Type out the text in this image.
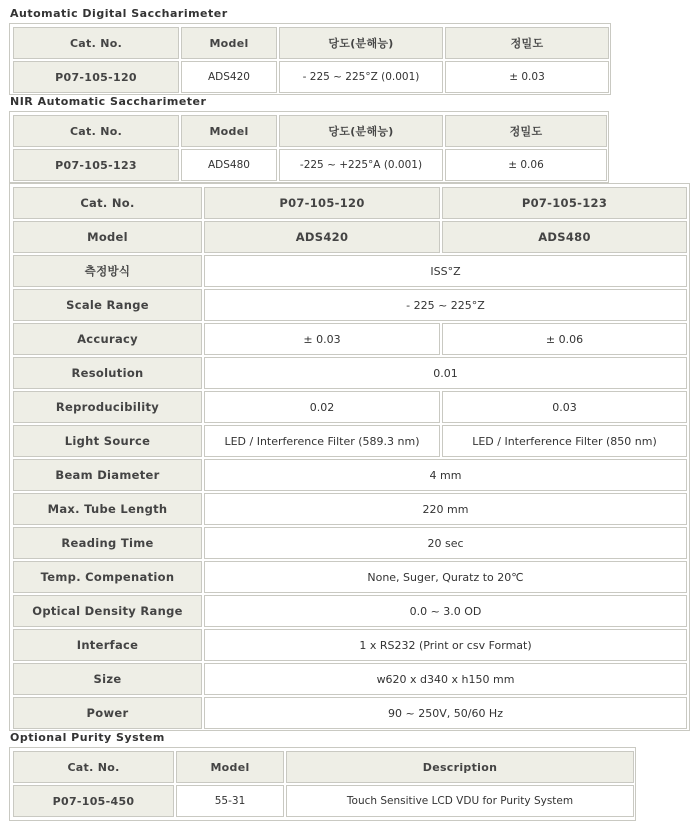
Automatic Digital Saccharimeter
Cat. No.	Model	당도(분해능)	정밀도
P07-105-120	ADS420	- 225 ~ 225°Z (0.001)	± 0.03
NIR Automatic Saccharimeter
Cat. No.	Model	당도(분해능)	정밀도
P07-105-123	ADS480	-225 ~ +225°A (0.001)	± 0.06
Cat. No.	P07-105-120	P07-105-123
Model	ADS420	ADS480
측정방식	ISS°Z
Scale Range	- 225 ~ 225°Z
Accuracy	± 0.03	± 0.06
Resolution	0.01
Reproducibility	0.02	0.03
Light Source	LED / Interference Filter (589.3 nm)	LED / Interference Filter (850 nm)
Beam Diameter	4 mm
Max. Tube Length	220 mm
Reading Time	20 sec
Temp. Compenation	None, Suger, Quratz to 20℃
Optical Density Range	0.0 ~ 3.0 OD
Interface	1 x RS232 (Print or csv Format)
Size	w620 x d340 x h150 mm
Power	90 ~ 250V, 50/60 Hz
Optional Purity System
Cat. No.	Model	Description
P07-105-450	55-31	Touch Sensitive LCD VDU for Purity System
